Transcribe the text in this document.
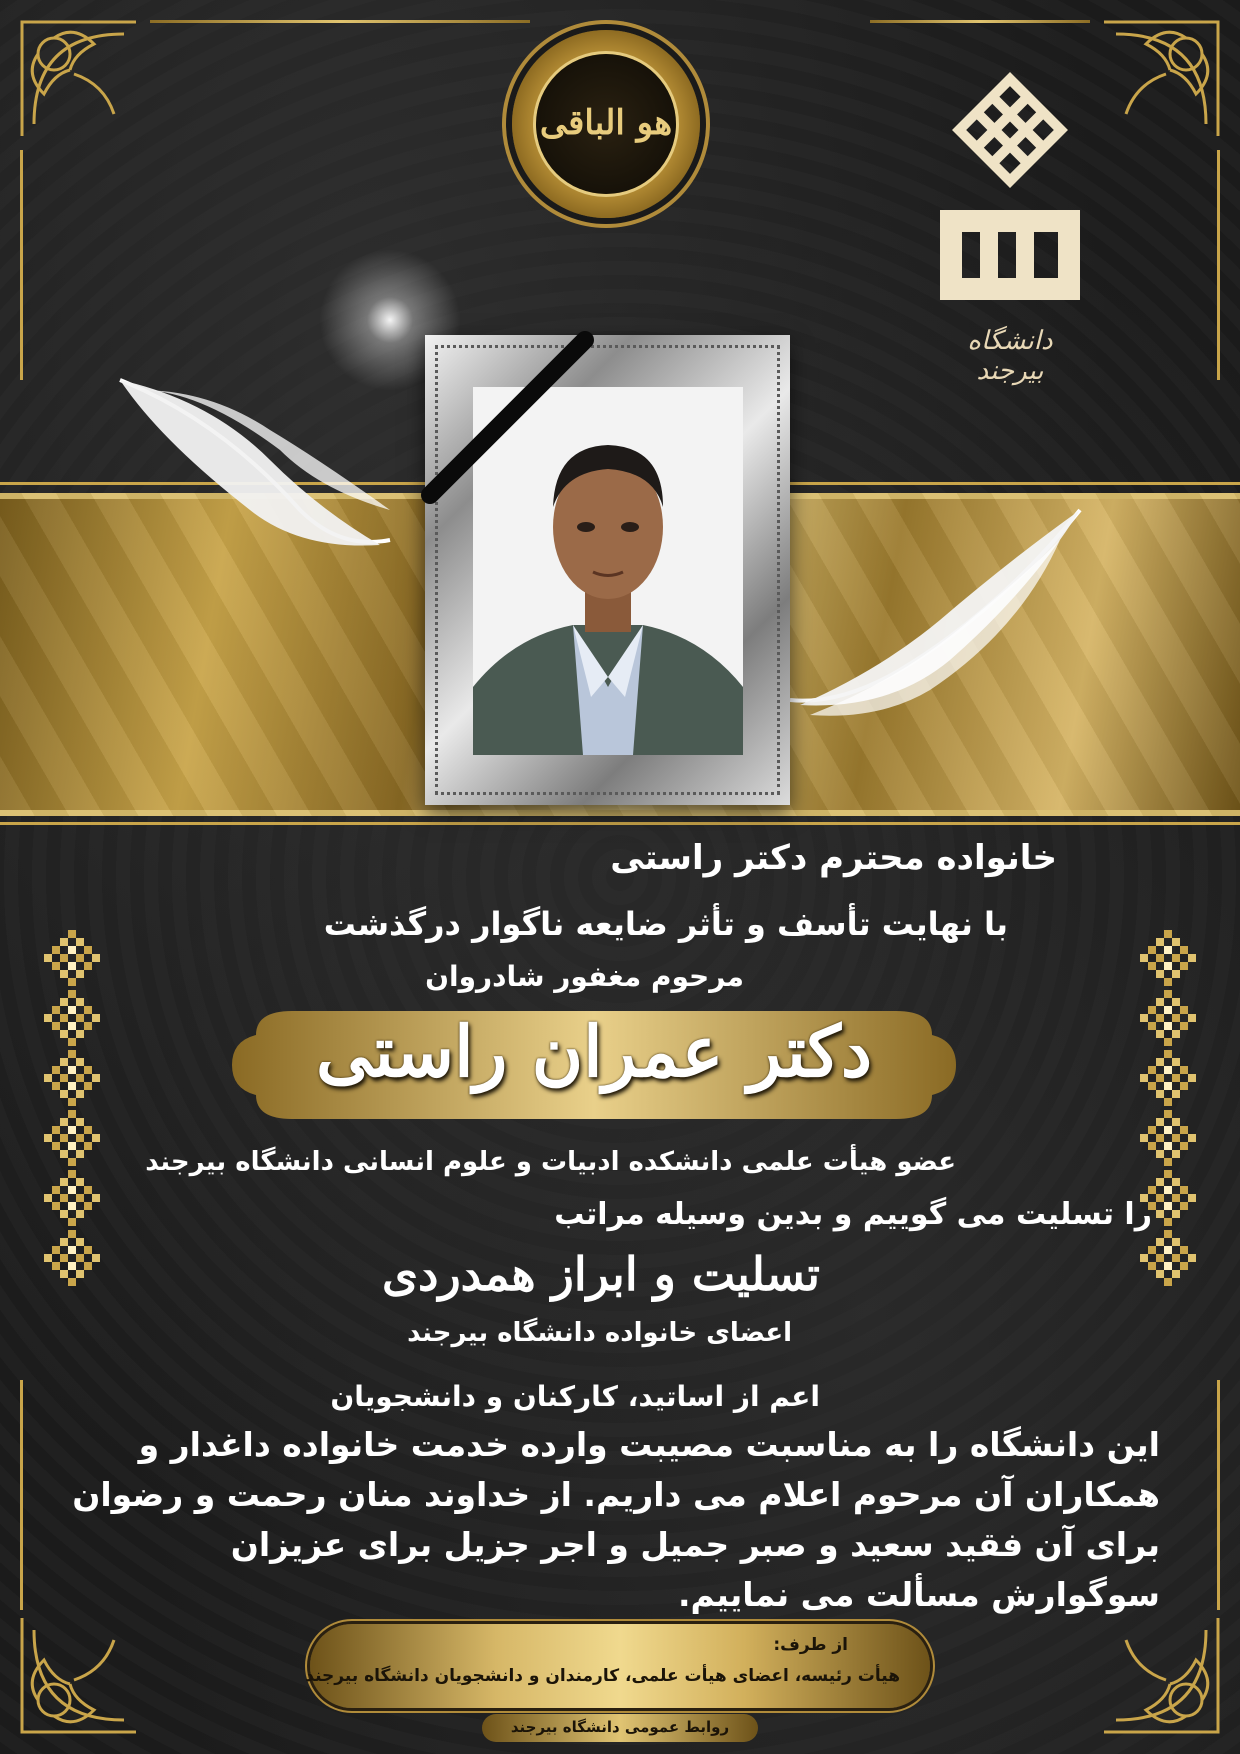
هو الباقی
دانشگاه بیرجند
خانواده محترم دکتر راستی
با نهایت تأسف و تأثر ضایعه ناگوار درگذشت
مرحوم مغفور شادروان
دکتر عمران راستی
عضو هیأت علمی دانشکده ادبیات و علوم انسانی دانشگاه بیرجند
را تسلیت می گوییم و بدین وسیله مراتب
تسلیت و ابراز همدردی
اعضای خانواده دانشگاه بیرجند
اعم از اساتید، کارکنان و دانشجویان
این دانشگاه را به مناسبت مصیبت وارده خدمت خانواده داغدار و همکاران آن مرحوم اعلام می داریم. از خداوند منان رحمت و رضوان برای آن فقید سعید و صبر جمیل و اجر جزیل برای عزیزان سوگوارش مسألت می نماییم.
از طرف:
هیأت رئیسه، اعضای هیأت علمی، کارمندان و دانشجویان دانشگاه بیرجند
روابط عمومی دانشگاه بیرجند
